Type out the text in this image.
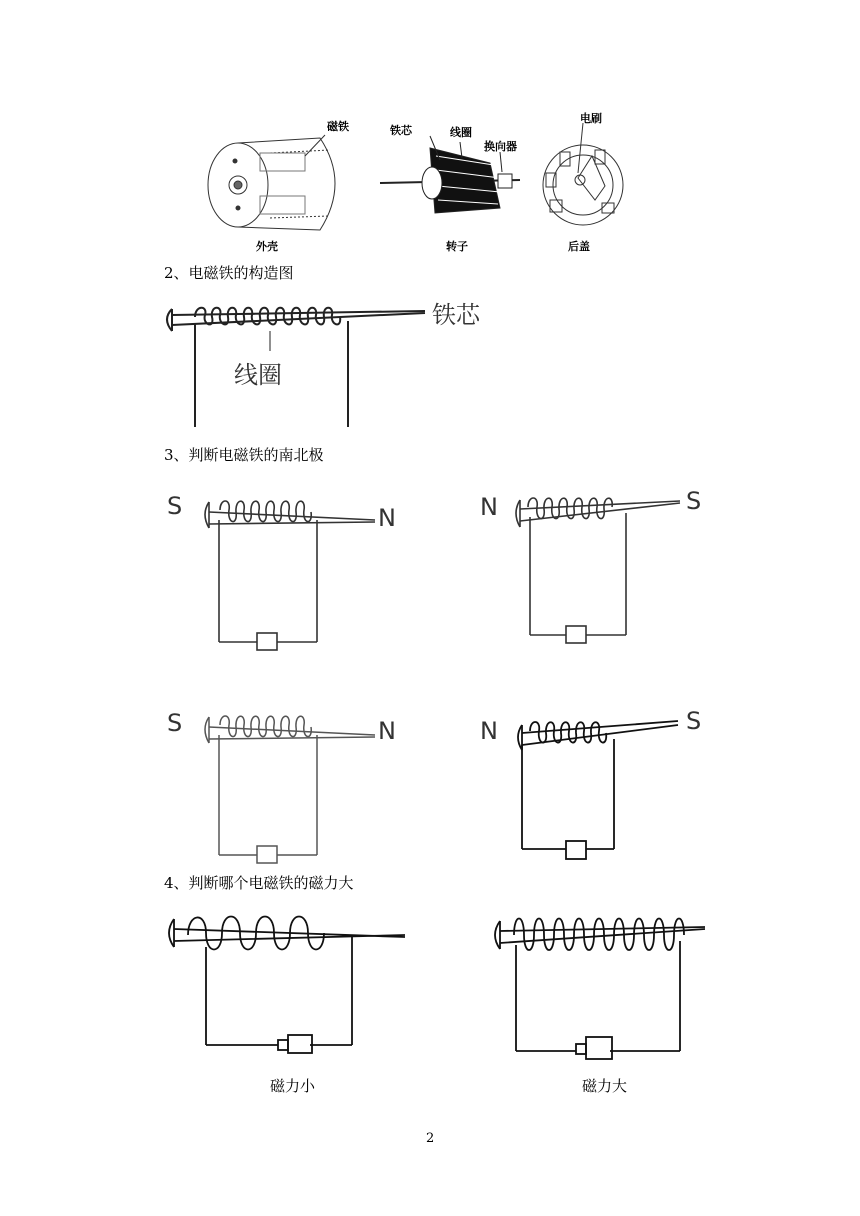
磁铁	铁芯	线圈
换向器
电刷
外壳	转子	后盖
2、电磁铁的构造图
铁芯
线圈
3、判断电磁铁的南北极
S	N	N	S
S	N	N	S
4、判断哪个电磁铁的磁力大
磁力小	磁力大
2
